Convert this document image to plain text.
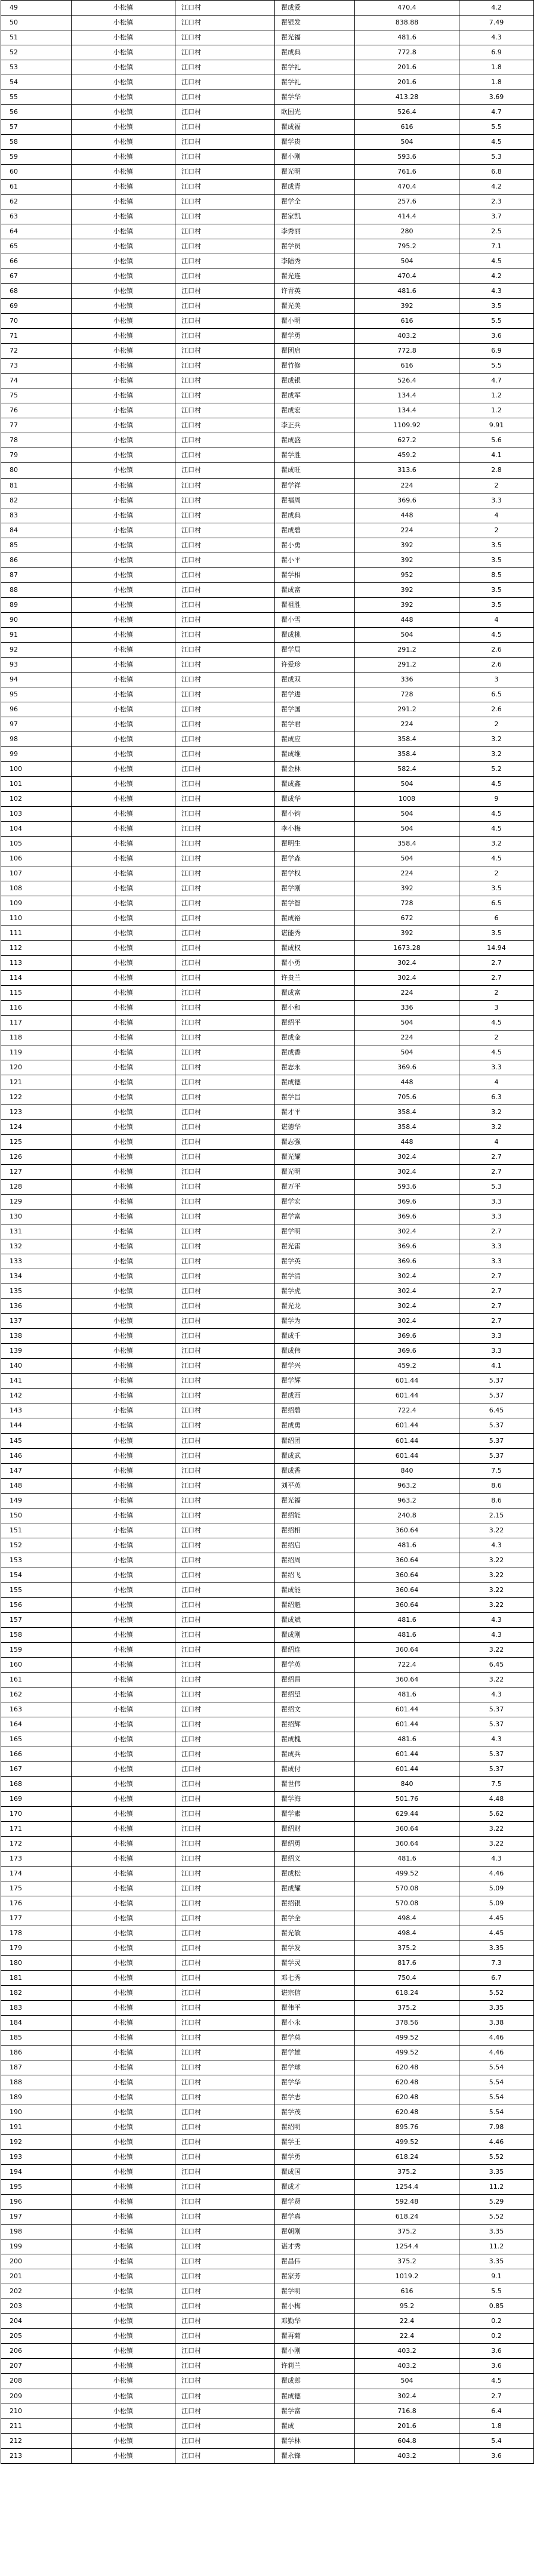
49	小松镇	江口村	瞿成爱	470.4	4.2
50	小松镇	江口村	瞿银发	838.88	7.49
51	小松镇	江口村	瞿光福	481.6	4.3
52	小松镇	江口村	瞿成典	772.8	6.9
53	小松镇	江口村	瞿学礼	201.6	1.8
54	小松镇	江口村	瞿学礼	201.6	1.8
55	小松镇	江口村	瞿学华	413.28	3.69
56	小松镇	江口村	欧国光	526.4	4.7
57	小松镇	江口村	瞿成福	616	5.5
58	小松镇	江口村	瞿学贵	504	4.5
59	小松镇	江口村	瞿小刚	593.6	5.3
60	小松镇	江口村	瞿光明	761.6	6.8
61	小松镇	江口村	瞿成青	470.4	4.2
62	小松镇	江口村	瞿学全	257.6	2.3
63	小松镇	江口村	瞿家凯	414.4	3.7
64	小松镇	江口村	李秀丽	280	2.5
65	小松镇	江口村	瞿学员	795.2	7.1
66	小松镇	江口村	李陆秀	504	4.5
67	小松镇	江口村	瞿光连	470.4	4.2
68	小松镇	江口村	许青英	481.6	4.3
69	小松镇	江口村	瞿光美	392	3.5
70	小松镇	江口村	瞿小明	616	5.5
71	小松镇	江口村	瞿学勇	403.2	3.6
72	小松镇	江口村	瞿团启	772.8	6.9
73	小松镇	江口村	瞿竹修	616	5.5
74	小松镇	江口村	瞿成银	526.4	4.7
75	小松镇	江口村	瞿成军	134.4	1.2
76	小松镇	江口村	瞿成宏	134.4	1.2
77	小松镇	江口村	李正兵	1109.92	9.91
78	小松镇	江口村	瞿成盛	627.2	5.6
79	小松镇	江口村	瞿学胜	459.2	4.1
80	小松镇	江口村	瞿成旺	313.6	2.8
81	小松镇	江口村	瞿学祥	224	2
82	小松镇	江口村	瞿福周	369.6	3.3
83	小松镇	江口村	瞿成典	448	4
84	小松镇	江口村	瞿成碧	224	2
85	小松镇	江口村	瞿小勇	392	3.5
86	小松镇	江口村	瞿小平	392	3.5
87	小松镇	江口村	瞿学相	952	8.5
88	小松镇	江口村	瞿成富	392	3.5
89	小松镇	江口村	瞿祖胜	392	3.5
90	小松镇	江口村	瞿小雪	448	4
91	小松镇	江口村	瞿成桃	504	4.5
92	小松镇	江口村	瞿学局	291.2	2.6
93	小松镇	江口村	许爱珍	291.2	2.6
94	小松镇	江口村	瞿成双	336	3
95	小松镇	江口村	瞿学进	728	6.5
96	小松镇	江口村	瞿学国	291.2	2.6
97	小松镇	江口村	瞿学君	224	2
98	小松镇	江口村	瞿成应	358.4	3.2
99	小松镇	江口村	瞿成维	358.4	3.2
100	小松镇	江口村	瞿金林	582.4	5.2
101	小松镇	江口村	瞿成鑫	504	4.5
102	小松镇	江口村	瞿成华	1008	9
103	小松镇	江口村	瞿小钧	504	4.5
104	小松镇	江口村	李小梅	504	4.5
105	小松镇	江口村	瞿明生	358.4	3.2
106	小松镇	江口村	瞿学森	504	4.5
107	小松镇	江口村	瞿学权	224	2
108	小松镇	江口村	瞿学刚	392	3.5
109	小松镇	江口村	瞿学智	728	6.5
110	小松镇	江口村	瞿成裕	672	6
111	小松镇	江口村	谌能秀	392	3.5
112	小松镇	江口村	瞿成权	1673.28	14.94
113	小松镇	江口村	瞿小勇	302.4	2.7
114	小松镇	江口村	许贵兰	302.4	2.7
115	小松镇	江口村	瞿成富	224	2
116	小松镇	江口村	瞿小和	336	3
117	小松镇	江口村	瞿绍平	504	4.5
118	小松镇	江口村	瞿成金	224	2
119	小松镇	江口村	瞿成香	504	4.5
120	小松镇	江口村	瞿志永	369.6	3.3
121	小松镇	江口村	瞿成德	448	4
122	小松镇	江口村	瞿学昌	705.6	6.3
123	小松镇	江口村	瞿才平	358.4	3.2
124	小松镇	江口村	谌德华	358.4	3.2
125	小松镇	江口村	瞿志强	448	4
126	小松镇	江口村	瞿光耀	302.4	2.7
127	小松镇	江口村	瞿光明	302.4	2.7
128	小松镇	江口村	瞿万平	593.6	5.3
129	小松镇	江口村	瞿学宏	369.6	3.3
130	小松镇	江口村	瞿学富	369.6	3.3
131	小松镇	江口村	瞿学明	302.4	2.7
132	小松镇	江口村	瞿光雷	369.6	3.3
133	小松镇	江口村	瞿学英	369.6	3.3
134	小松镇	江口村	瞿学清	302.4	2.7
135	小松镇	江口村	瞿学虎	302.4	2.7
136	小松镇	江口村	瞿光龙	302.4	2.7
137	小松镇	江口村	瞿学为	302.4	2.7
138	小松镇	江口村	瞿成千	369.6	3.3
139	小松镇	江口村	瞿成伟	369.6	3.3
140	小松镇	江口村	瞿学兴	459.2	4.1
141	小松镇	江口村	瞿学辉	601.44	5.37
142	小松镇	江口村	瞿成西	601.44	5.37
143	小松镇	江口村	瞿绍碧	722.4	6.45
144	小松镇	江口村	瞿成勇	601.44	5.37
145	小松镇	江口村	瞿绍团	601.44	5.37
146	小松镇	江口村	瞿成武	601.44	5.37
147	小松镇	江口村	瞿成香	840	7.5
148	小松镇	江口村	刘平英	963.2	8.6
149	小松镇	江口村	瞿光福	963.2	8.6
150	小松镇	江口村	瞿绍能	240.8	2.15
151	小松镇	江口村	瞿绍相	360.64	3.22
152	小松镇	江口村	瞿绍启	481.6	4.3
153	小松镇	江口村	瞿绍周	360.64	3.22
154	小松镇	江口村	瞿绍飞	360.64	3.22
155	小松镇	江口村	瞿成能	360.64	3.22
156	小松镇	江口村	瞿绍魁	360.64	3.22
157	小松镇	江口村	瞿成斌	481.6	4.3
158	小松镇	江口村	瞿成刚	481.6	4.3
159	小松镇	江口村	瞿绍连	360.64	3.22
160	小松镇	江口村	瞿学英	722.4	6.45
161	小松镇	江口村	瞿绍昌	360.64	3.22
162	小松镇	江口村	瞿绍望	481.6	4.3
163	小松镇	江口村	瞿绍文	601.44	5.37
164	小松镇	江口村	瞿绍辉	601.44	5.37
165	小松镇	江口村	瞿成槐	481.6	4.3
166	小松镇	江口村	瞿成兵	601.44	5.37
167	小松镇	江口村	瞿成付	601.44	5.37
168	小松镇	江口村	瞿世伟	840	7.5
169	小松镇	江口村	瞿学海	501.76	4.48
170	小松镇	江口村	瞿学素	629.44	5.62
171	小松镇	江口村	瞿绍财	360.64	3.22
172	小松镇	江口村	瞿绍勇	360.64	3.22
173	小松镇	江口村	瞿绍义	481.6	4.3
174	小松镇	江口村	瞿成松	499.52	4.46
175	小松镇	江口村	瞿成耀	570.08	5.09
176	小松镇	江口村	瞿绍银	570.08	5.09
177	小松镇	江口村	瞿学全	498.4	4.45
178	小松镇	江口村	瞿光敏	498.4	4.45
179	小松镇	江口村	瞿学发	375.2	3.35
180	小松镇	江口村	瞿学灵	817.6	7.3
181	小松镇	江口村	邓七秀	750.4	6.7
182	小松镇	江口村	谌宗信	618.24	5.52
183	小松镇	江口村	瞿伟平	375.2	3.35
184	小松镇	江口村	瞿小永	378.56	3.38
185	小松镇	江口村	瞿学莫	499.52	4.46
186	小松镇	江口村	瞿学雄	499.52	4.46
187	小松镇	江口村	瞿学球	620.48	5.54
188	小松镇	江口村	瞿学华	620.48	5.54
189	小松镇	江口村	瞿学志	620.48	5.54
190	小松镇	江口村	瞿学茂	620.48	5.54
191	小松镇	江口村	瞿绍明	895.76	7.98
192	小松镇	江口村	瞿学王	499.52	4.46
193	小松镇	江口村	瞿学勇	618.24	5.52
194	小松镇	江口村	瞿成国	375.2	3.35
195	小松镇	江口村	瞿成才	1254.4	11.2
196	小松镇	江口村	瞿学贤	592.48	5.29
197	小松镇	江口村	瞿学真	618.24	5.52
198	小松镇	江口村	瞿朝刚	375.2	3.35
199	小松镇	江口村	谌才秀	1254.4	11.2
200	小松镇	江口村	瞿昌伟	375.2	3.35
201	小松镇	江口村	瞿家芳	1019.2	9.1
202	小松镇	江口村	瞿学明	616	5.5
203	小松镇	江口村	瞿小梅	95.2	0.85
204	小松镇	江口村	邓勤华	22.4	0.2
205	小松镇	江口村	瞿再菊	22.4	0.2
206	小松镇	江口村	瞿小刚	403.2	3.6
207	小松镇	江口村	许莉兰	403.2	3.6
208	小松镇	江口村	瞿成郎	504	4.5
209	小松镇	江口村	瞿成德	302.4	2.7
210	小松镇	江口村	瞿学富	716.8	6.4
211	小松镇	江口村	瞿成	201.6	1.8
212	小松镇	江口村	瞿学林	604.8	5.4
213	小松镇	江口村	瞿永锋	403.2	3.6
